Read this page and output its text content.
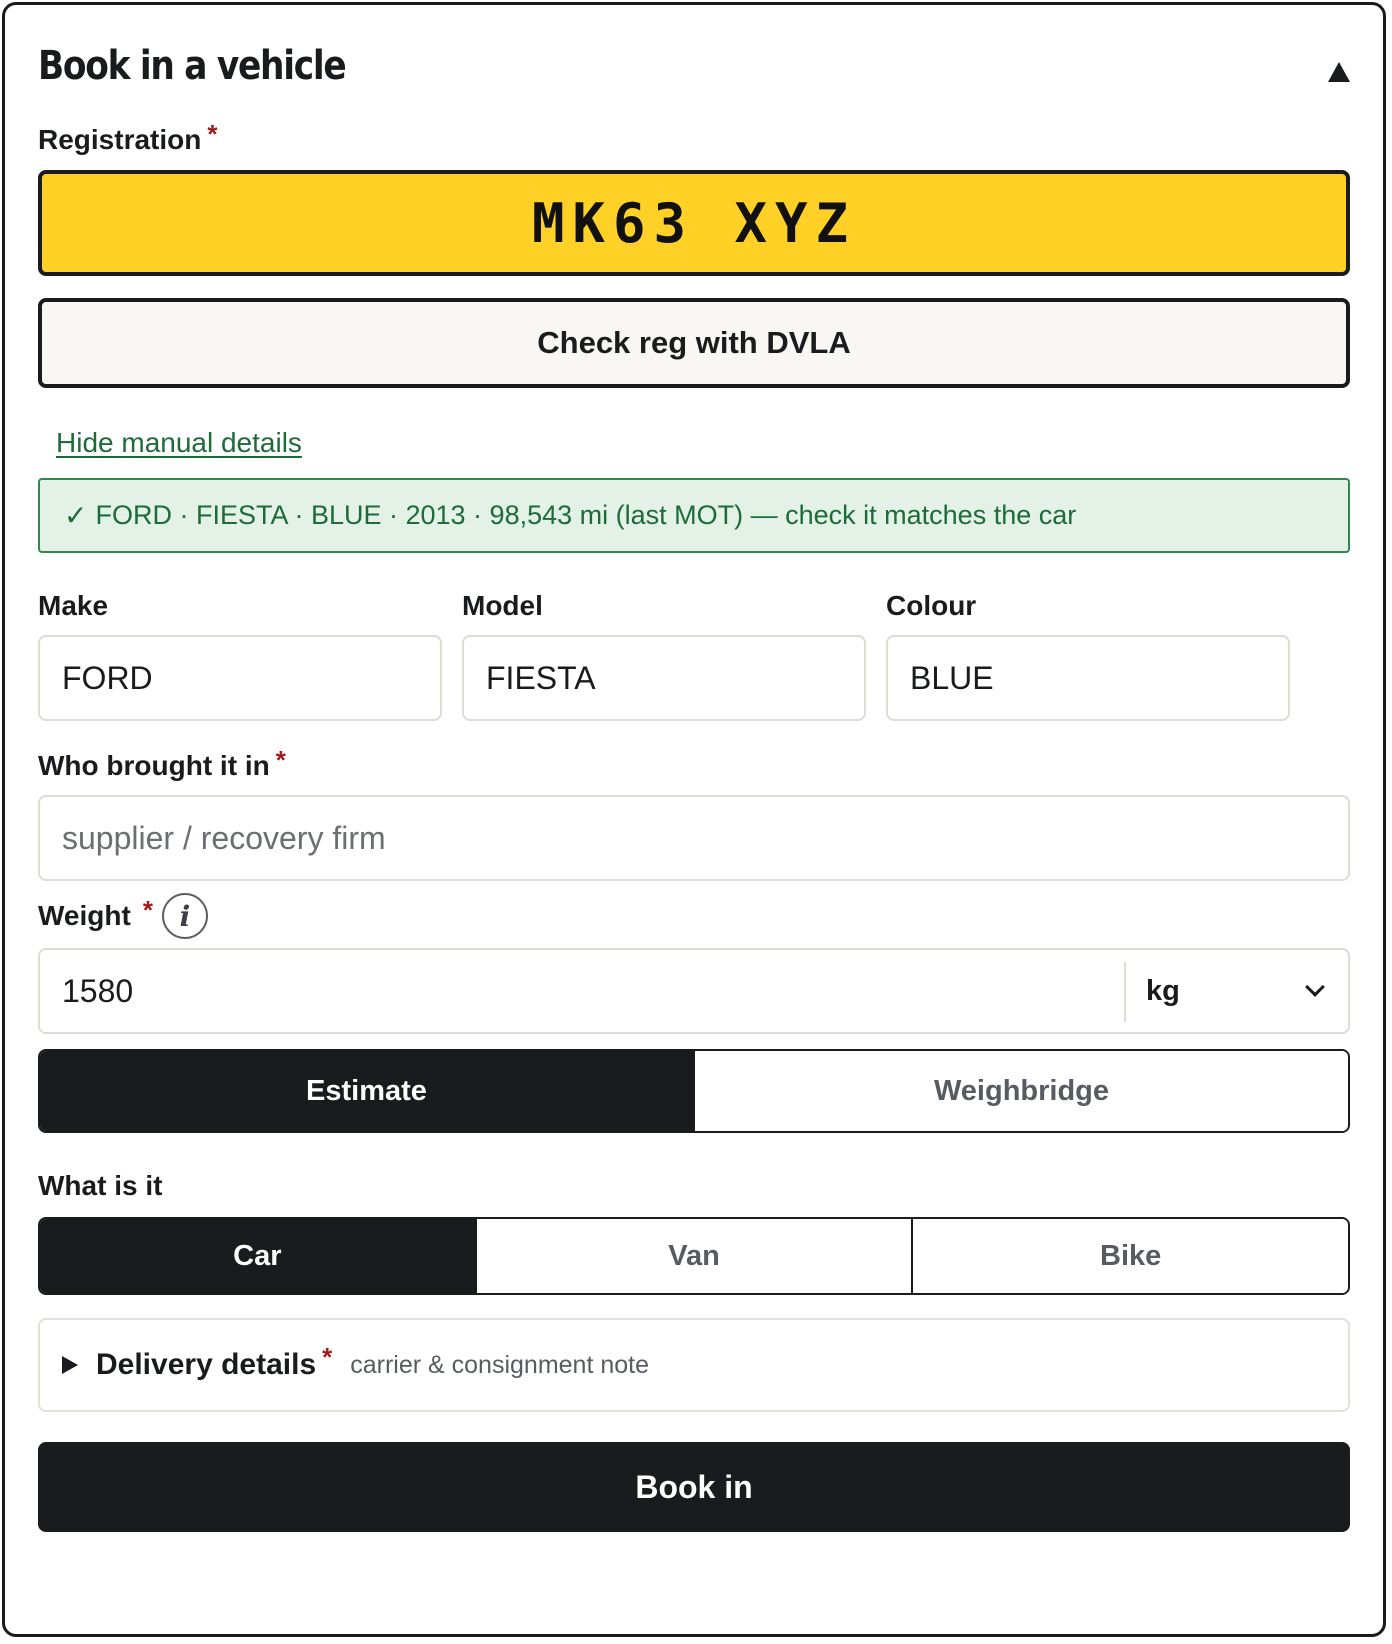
Book in a vehicle
Registration *
MK63 XYZ
Check reg with DVLA
Hide manual details
✓ FORD · FIESTA · BLUE · 2013 · 98,543 mi (last MOT) — check it matches the car
Make	Model	Colour
FORD	FIESTA	BLUE
Who brought it in *
supplier / recovery firm
Weight * i
1580	kg
Estimate	Weighbridge
What is it
Car	Van	Bike
Delivery details * carrier & consignment note
Book in
